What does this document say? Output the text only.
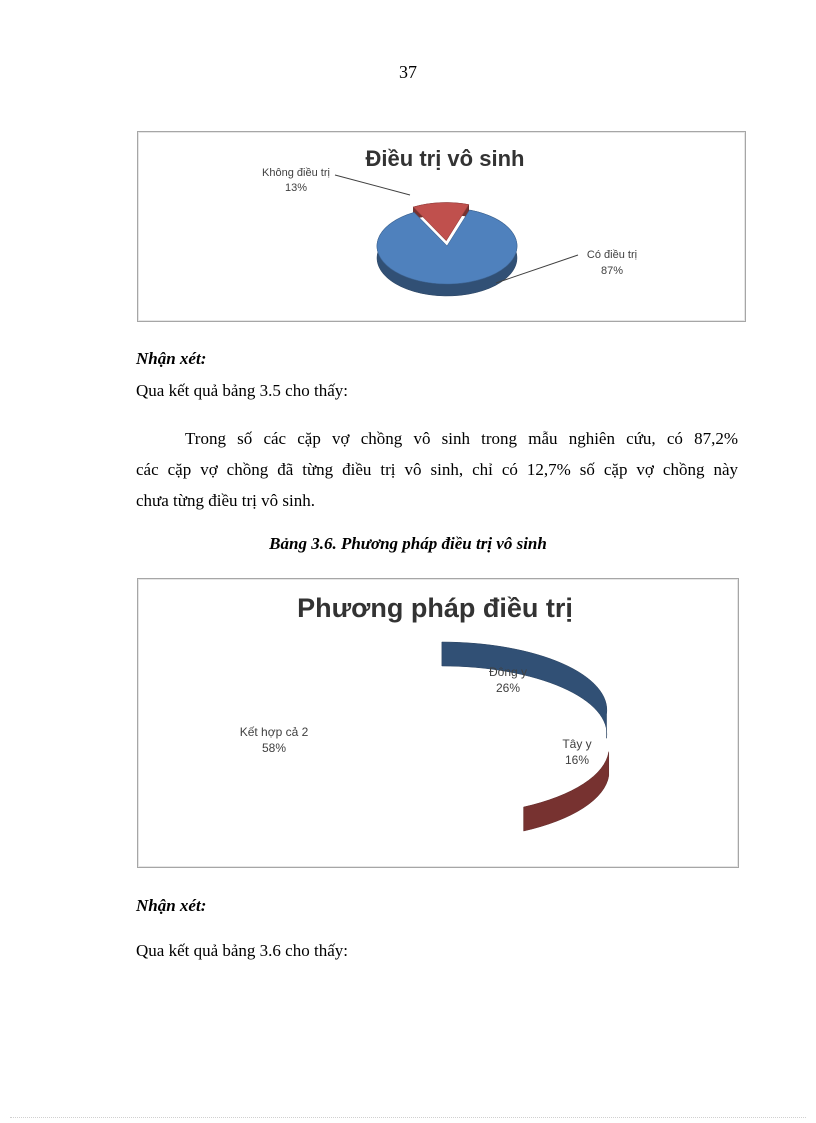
37
Điều trị vô sinh
Không điều trị
13%
Có điều trị
87%
Nhận xét:
Qua kết quả bảng 3.5 cho thấy:
Trong số các cặp vợ chồng vô sinh trong mẫu nghiên cứu, có 87,2%
các cặp vợ chồng đã từng điều trị vô sinh, chỉ có 12,7% số cặp vợ chồng này
chưa từng điều trị vô sinh.
Bảng 3.6. Phương pháp điều trị vô sinh
Phương pháp điều trị
Đông y
26%
Tây y
16%
Kết hợp cả 2
58%
Nhận xét:
Qua kết quả bảng 3.6 cho thấy:
